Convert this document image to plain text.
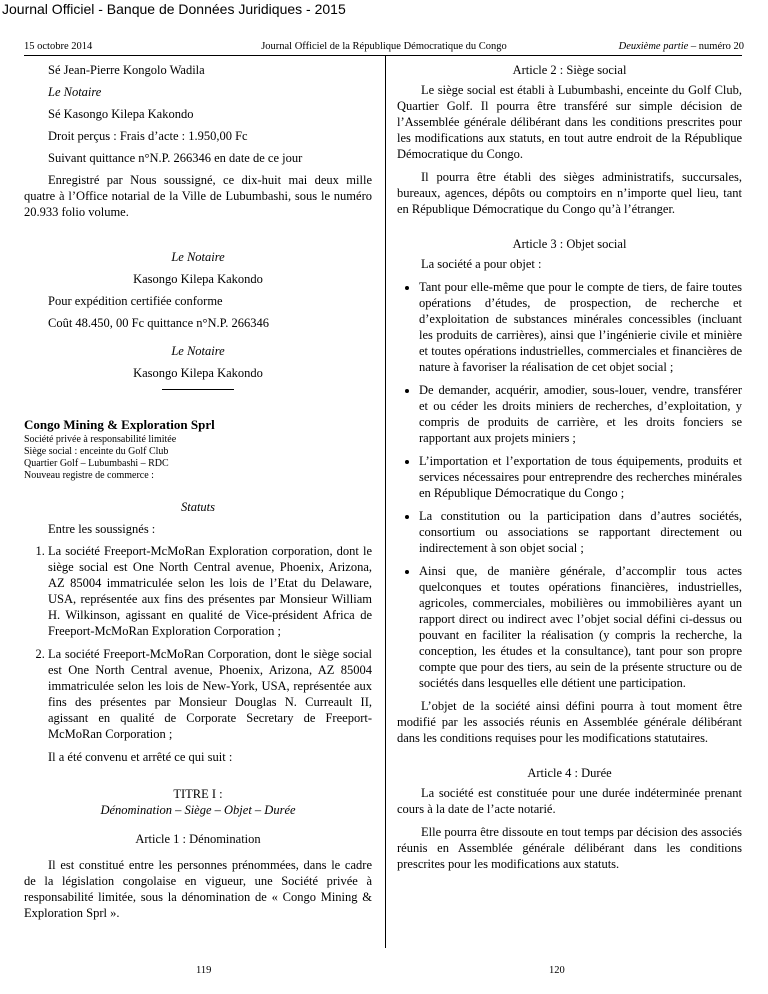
Journal Officiel - Banque de Données Juridiques - 2015
15 octobre 2014	Journal Officiel de la République Démocratique du Congo	Deuxième partie – numéro 20

Sé Jean-Pierre Kongolo Wadila

Le Notaire

Sé Kasongo Kilepa Kakondo

Droit perçus : Frais d’acte : 1.950,00 Fc

Suivant quittance n°N.P. 266346 en date de ce jour

Enregistré par Nous soussigné, ce dix-huit mai deux mille quatre à l’Office notarial de la Ville de Lubumbashi, sous le numéro 20.933 folio volume.

Le Notaire

Kasongo Kilepa Kakondo

Pour expédition certifiée conforme

Coût 48.450, 00 Fc quittance n°N.P. 266346

Le Notaire

Kasongo Kilepa Kakondo

Congo Mining & Exploration Sprl

Société privée à responsabilité limitée

Siège social : enceinte du Golf Club

Quartier Golf – Lubumbashi – RDC

Nouveau registre de commerce :

Statuts

Entre les soussignés :

1. La société Freeport-McMoRan Exploration corporation, dont le siège social est One North Central avenue, Phoenix, Arizona, AZ 85004 immatriculée selon les lois de l’Etat du Delaware, USA, représentée aux fins des présentes par Monsieur William H. Wilkinson, agissant en qualité de Vice-président Africa de Freeport-McMoRan Exploration Corporation ;
2. La société Freeport-McMoRan Corporation, dont le siège social est One North Central avenue, Phoenix, Arizona, AZ 85004 immatriculée selon les lois de New-York, USA, représentée aux fins des présentes par Monsieur Douglas N. Curreault II, agissant en qualité de Corporate Secretary de Freeport-McMoRan Corporation ;

Il a été convenu et arrêté ce qui suit :

TITRE I :

Dénomination – Siège – Objet – Durée

Article 1 : Dénomination

Il est constitué entre les personnes prénommées, dans le cadre de la législation congolaise en vigueur, une Société privée à responsabilité limitée, sous la dénomination de « Congo Mining & Exploration Sprl ».

Article 2 : Siège social

Le siège social est établi à Lubumbashi, enceinte du Golf Club, Quartier Golf. Il pourra être transféré sur simple décision de l’Assemblée générale délibérant dans les conditions prescrites pour les modifications aux statuts, en tout autre endroit de la République Démocratique du Congo.

Il pourra être établi des sièges administratifs, succursales, bureaux, agences, dépôts ou comptoirs en n’importe quel lieu, tant en République Démocratique du Congo qu’à l’étranger.

Article 3 : Objet social

La société a pour objet :

• Tant pour elle-même que pour le compte de tiers, de faire toutes opérations d’études, de prospection, de recherche et d’exploitation de substances minérales concessibles (incluant les produits de carrières), ainsi que l’ingénierie civile et minière et toutes opérations industrielles, commerciales et financières de nature à favoriser la réalisation de cet objet social ;
• De demander, acquérir, amodier, sous-louer, vendre, transférer et ou céder les droits miniers de recherches, d’exploitation, y compris de produits de carrière, et les droits fonciers se rapportant aux projets miniers ;
• L’importation et l’exportation de tous équipements, produits et services nécessaires pour entreprendre des recherches minérales en République Démocratique du Congo ;
• La constitution ou la participation dans d’autres sociétés, consortium ou associations se rapportant directement ou indirectement à son objet social ;
• Ainsi que, de manière générale, d’accomplir tous actes quelconques et toutes opérations financières, industrielles, agricoles, commerciales, mobilières ou immobilières ayant un rapport direct ou indirect avec l’objet social défini ci-dessus ou pouvant en faciliter la réalisation (y compris la recherche, la conception, les études et la consultance), tant pour son propre compte que pour des tiers, au sein de la présente structure ou de sociétés dans lesquelles elle détient une participation.

L’objet de la société ainsi défini pourra à tout moment être modifié par les associés réunis en Assemblée générale délibérant dans les conditions requises pour les modifications statutaires.

Article 4 : Durée

La société est constituée pour une durée indéterminée prenant cours à la date de l’acte notarié.

Elle pourra être dissoute en tout temps par décision des associés réunis en Assemblée générale délibérant dans les conditions prescrites pour les modifications aux statuts.

119	120
